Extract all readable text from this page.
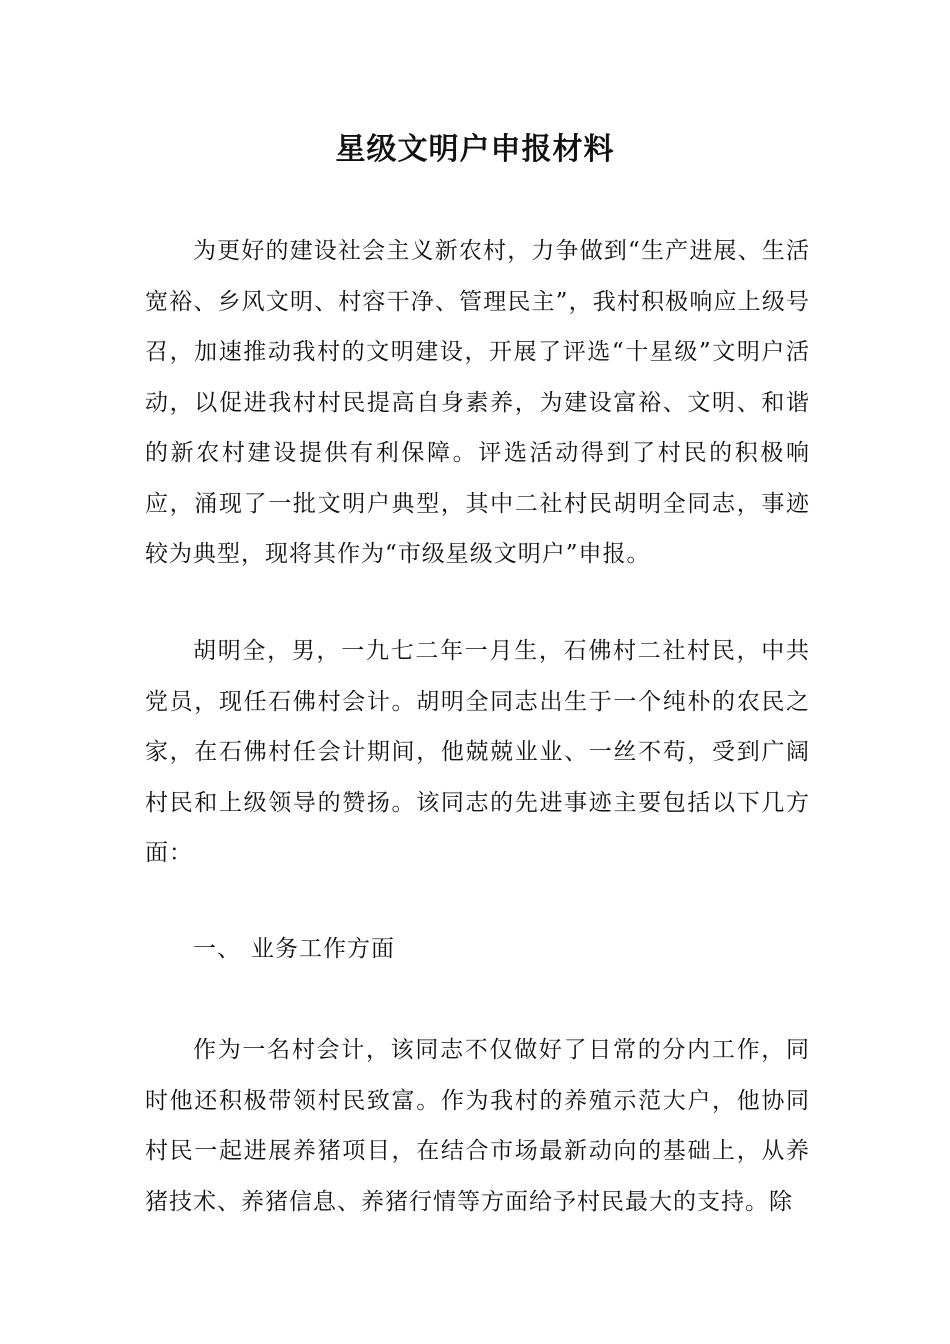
星级文明户申报材料

为更好的建设社会主义新农村，力争做到“生产进展、生活宽裕、乡风文明、村容干净、管理民主”，我村积极响应上级号召，加速推动我村的文明建设，开展了评选“十星级”文明户活动，以促进我村村民提高自身素养，为建设富裕、文明、和谐的新农村建设提供有利保障。评选活动得到了村民的积极响应，涌现了一批文明户典型，其中二社村民胡明全同志，事迹较为典型，现将其作为“市级星级文明户”申报。

胡明全，男，一九七二年一月生，石佛村二社村民，中共党员，现任石佛村会计。胡明全同志出生于一个纯朴的农民之家，在石佛村任会计期间，他兢兢业业、一丝不苟，受到广阔村民和上级领导的赞扬。该同志的先进事迹主要包括以下几方面：

一、 业务工作方面

作为一名村会计，该同志不仅做好了日常的分内工作，同时他还积极带领村民致富。作为我村的养殖示范大户，他协同村民一起进展养猪项目，在结合市场最新动向的基础上，从养猪技术、养猪信息、养猪行情等方面给予村民最大的支持。除
